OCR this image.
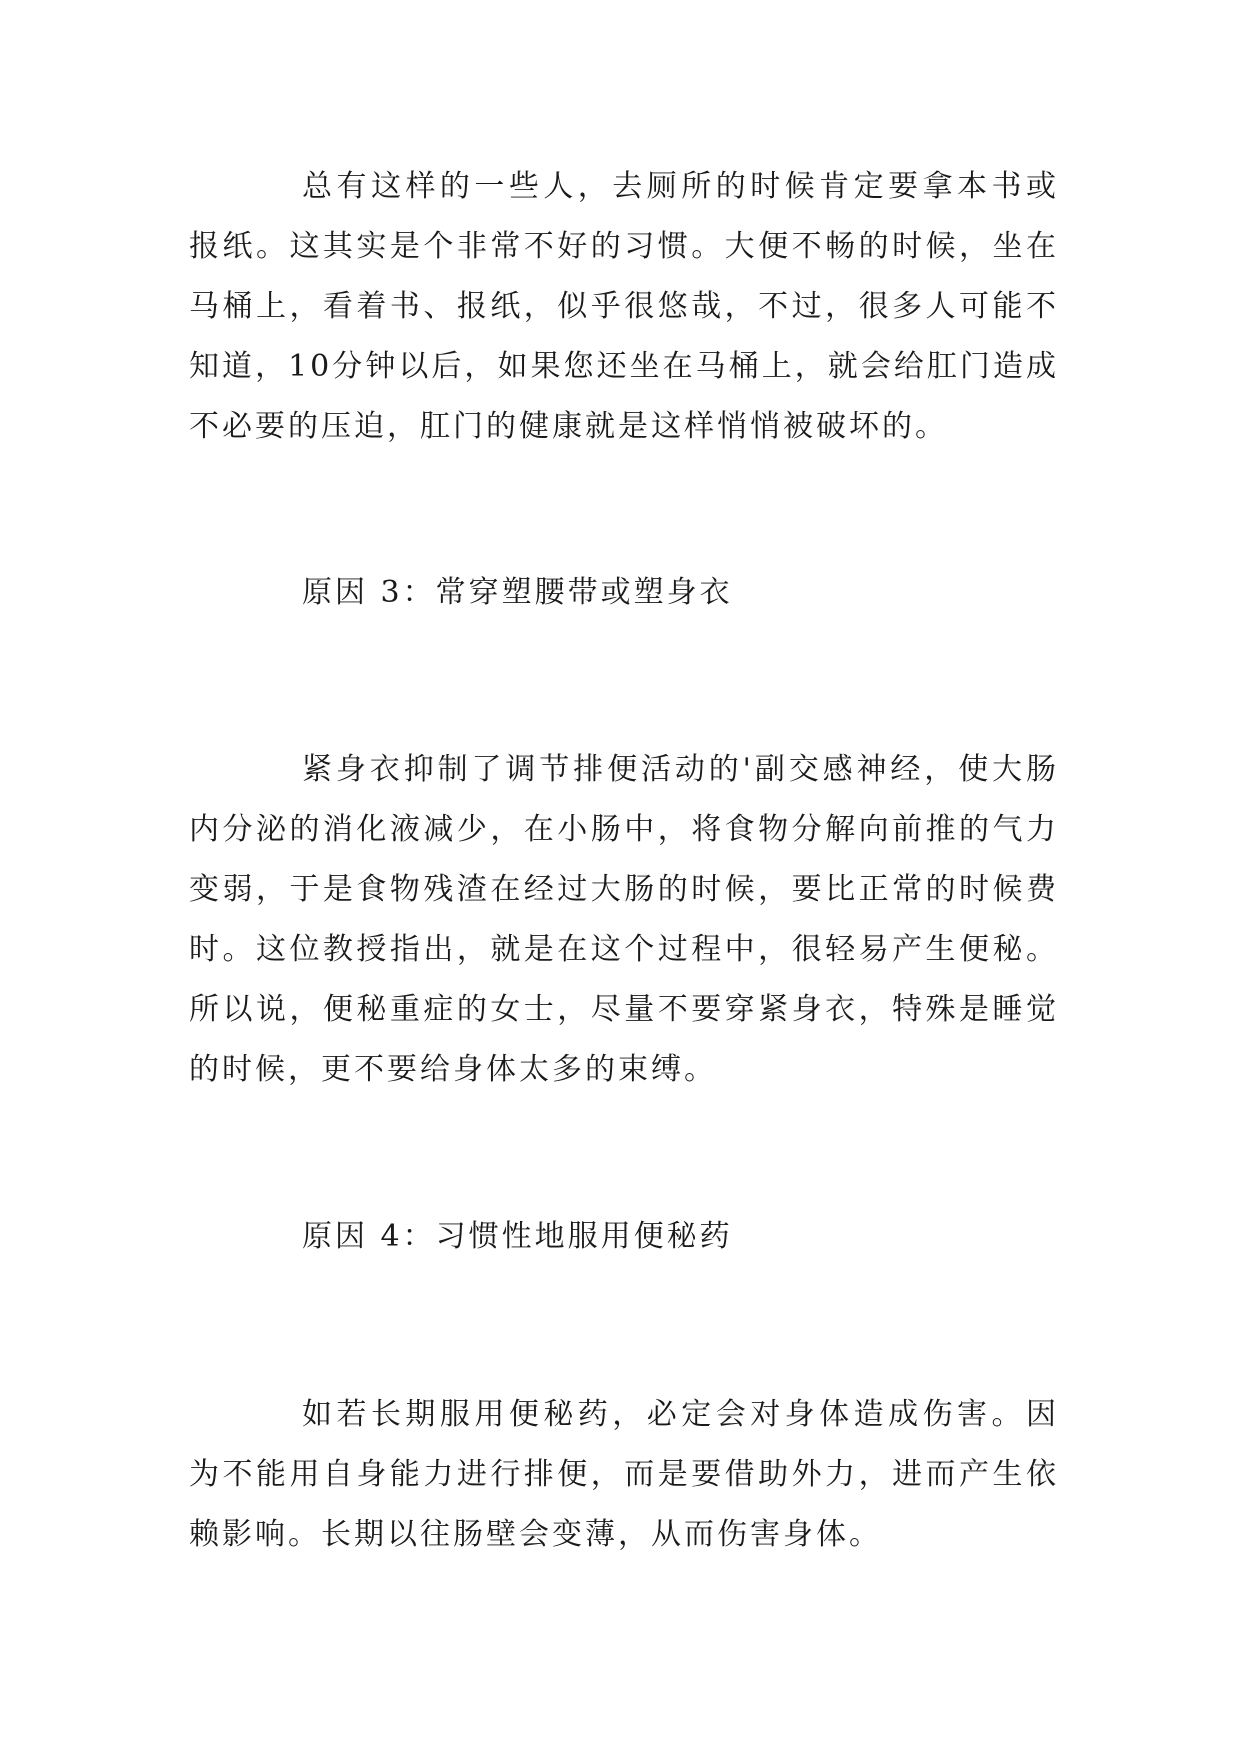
总有这样的一些人，去厕所的时候肯定要拿本书或报纸。这其实是个非常不好的习惯。大便不畅的时候，坐在马桶上，看着书、报纸，似乎很悠哉，不过，很多人可能不知道，10分钟以后，如果您还坐在马桶上，就会给肛门造成不必要的压迫，肛门的健康就是这样悄悄被破坏的。

原因 3：常穿塑腰带或塑身衣

紧身衣抑制了调节排便活动的'副交感神经，使大肠内分泌的消化液减少，在小肠中，将食物分解向前推的气力变弱，于是食物残渣在经过大肠的时候，要比正常的时候费时。这位教授指出，就是在这个过程中，很轻易产生便秘。所以说，便秘重症的女士，尽量不要穿紧身衣，特殊是睡觉的时候，更不要给身体太多的束缚。

原因 4：习惯性地服用便秘药

如若长期服用便秘药，必定会对身体造成伤害。因为不能用自身能力进行排便，而是要借助外力，进而产生依赖影响。长期以往肠壁会变薄，从而伤害身体。
